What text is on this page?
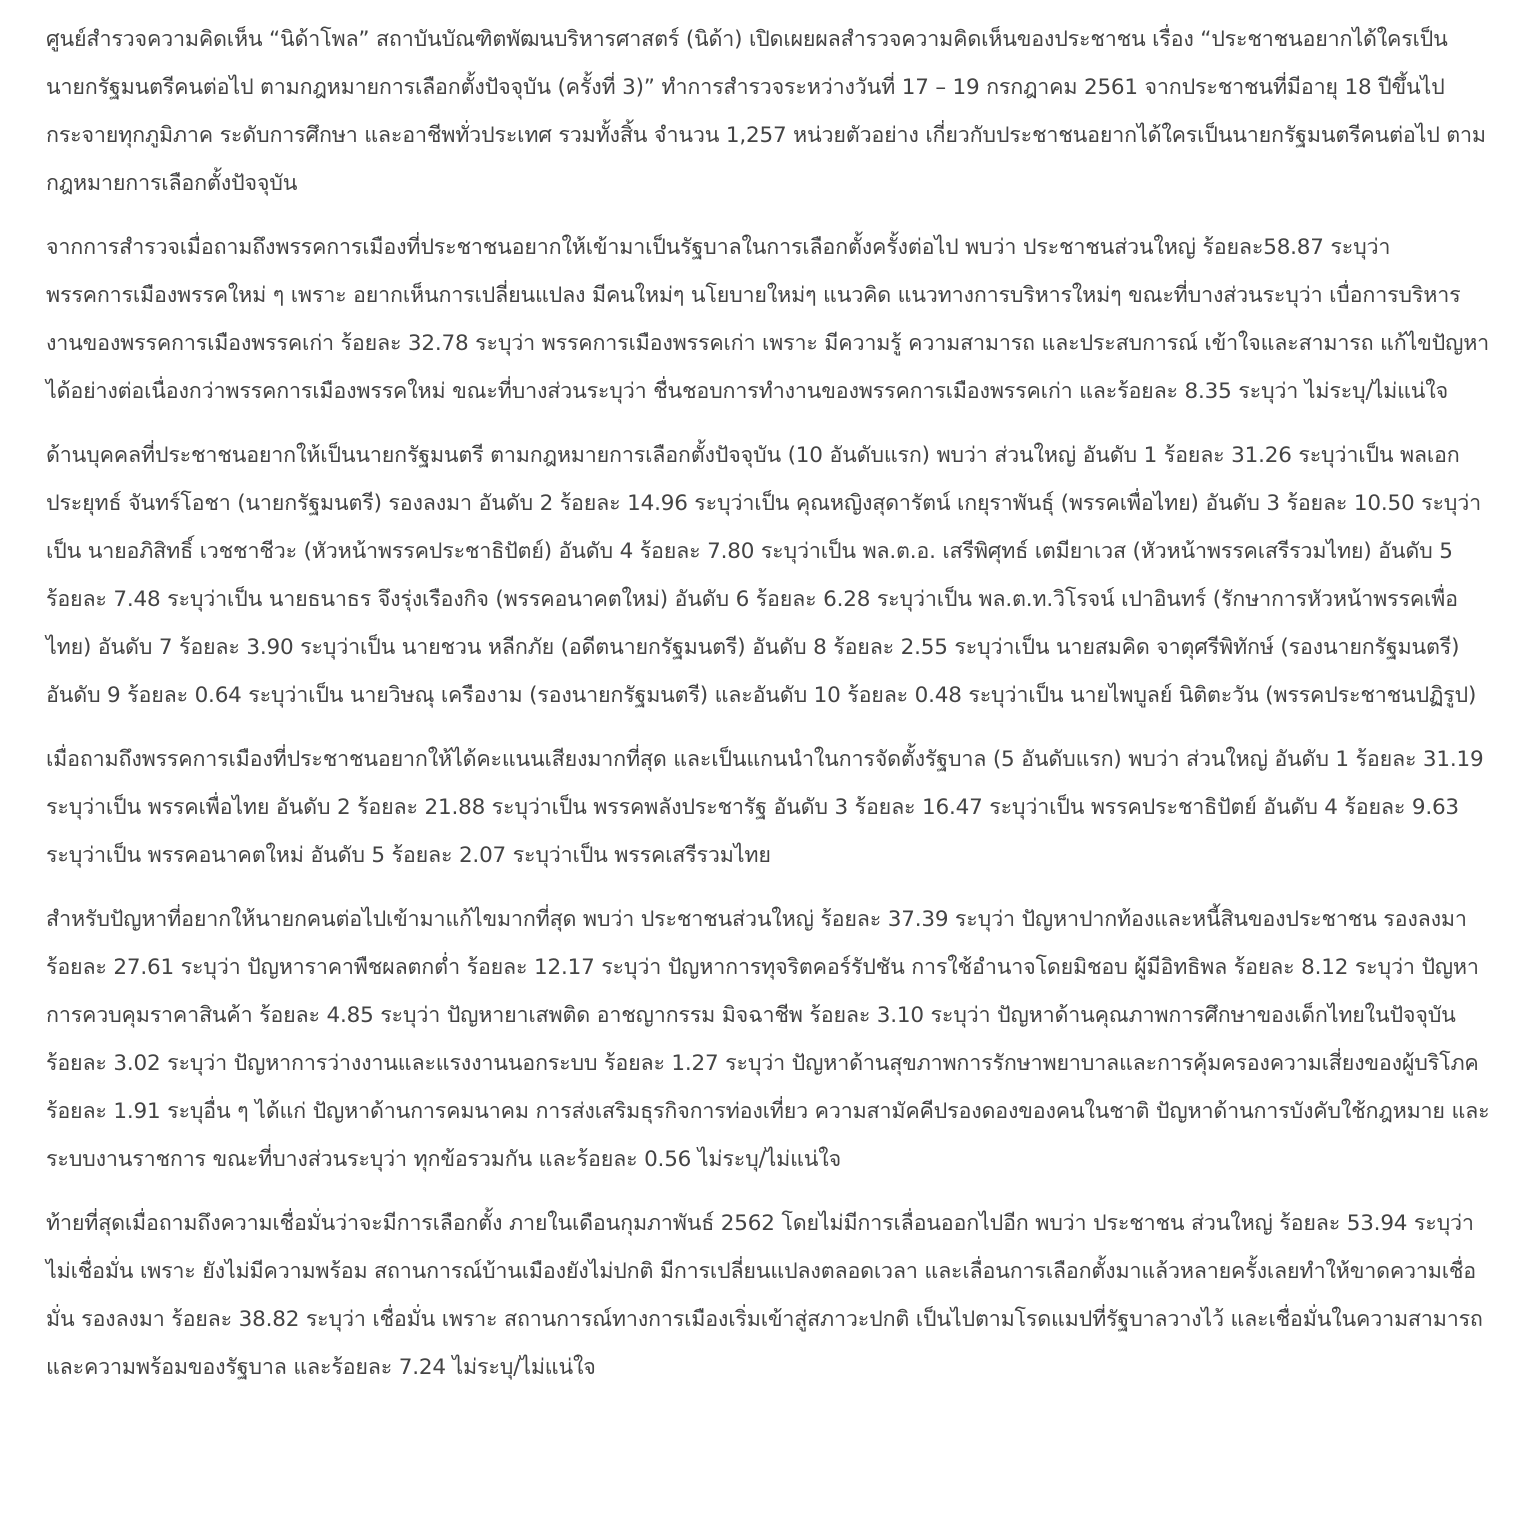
ศูนย์สำรวจความคิดเห็น “นิด้าโพล” สถาบันบัณฑิตพัฒนบริหารศาสตร์ (นิด้า) เปิดเผยผลสำรวจความคิดเห็นของประชาชน เรื่อง “ประชาชนอยากได้ใครเป็นนายกรัฐมนตรีคนต่อไป ตามกฎหมายการเลือกตั้งปัจจุบัน (ครั้งที่ 3)” ทำการสำรวจระหว่างวันที่ 17 – 19 กรกฎาคม 2561 จากประชาชนที่มีอายุ 18 ปีขึ้นไป กระจายทุกภูมิภาค ระดับการศึกษา และอาชีพทั่วประเทศ รวมทั้งสิ้น จำนวน 1,257 หน่วยตัวอย่าง เกี่ยวกับประชาชนอยากได้ใครเป็นนายกรัฐมนตรีคนต่อไป ตามกฎหมายการเลือกตั้งปัจจุบัน

จากการสำรวจเมื่อถามถึงพรรคการเมืองที่ประชาชนอยากให้เข้ามาเป็นรัฐบาลในการเลือกตั้งครั้งต่อไป พบว่า ประชาชนส่วนใหญ่ ร้อยละ58.87 ระบุว่า พรรคการเมืองพรรคใหม่ ๆ เพราะ อยากเห็นการเปลี่ยนแปลง มีคนใหม่ๆ นโยบายใหม่ๆ แนวคิด แนวทางการบริหารใหม่ๆ ขณะที่บางส่วนระบุว่า เบื่อการบริหารงานของพรรคการเมืองพรรคเก่า ร้อยละ 32.78 ระบุว่า พรรคการเมืองพรรคเก่า เพราะ มีความรู้ ความสามารถ และประสบการณ์ เข้าใจและสามารถ แก้ไขปัญหาได้อย่างต่อเนื่องกว่าพรรคการเมืองพรรคใหม่ ขณะที่บางส่วนระบุว่า ชื่นชอบการทำงานของพรรคการเมืองพรรคเก่า และร้อยละ 8.35 ระบุว่า ไม่ระบุ/ไม่แน่ใจ

ด้านบุคคลที่ประชาชนอยากให้เป็นนายกรัฐมนตรี ตามกฎหมายการเลือกตั้งปัจจุบัน (10 อันดับแรก) พบว่า ส่วนใหญ่ อันดับ 1 ร้อยละ 31.26 ระบุว่าเป็น พลเอกประยุทธ์ จันทร์โอชา (นายกรัฐมนตรี) รองลงมา อันดับ 2 ร้อยละ 14.96 ระบุว่าเป็น คุณหญิงสุดารัตน์ เกยุราพันธุ์ (พรรคเพื่อไทย) อันดับ 3 ร้อยละ 10.50 ระบุว่าเป็น นายอภิสิทธิ์ เวชชาชีวะ (หัวหน้าพรรคประชาธิปัตย์) อันดับ 4 ร้อยละ 7.80 ระบุว่าเป็น พล.ต.อ. เสรีพิศุทธ์ เตมียาเวส (หัวหน้าพรรคเสรีรวมไทย) อันดับ 5 ร้อยละ 7.48 ระบุว่าเป็น นายธนาธร จึงรุ่งเรืองกิจ (พรรคอนาคตใหม่) อันดับ 6 ร้อยละ 6.28 ระบุว่าเป็น พล.ต.ท.วิโรจน์ เปาอินทร์ (รักษาการหัวหน้าพรรคเพื่อไทย) อันดับ 7 ร้อยละ 3.90 ระบุว่าเป็น นายชวน หลีกภัย (อดีตนายกรัฐมนตรี) อันดับ 8 ร้อยละ 2.55 ระบุว่าเป็น นายสมคิด จาตุศรีพิทักษ์ (รองนายกรัฐมนตรี) อันดับ 9 ร้อยละ 0.64 ระบุว่าเป็น นายวิษณุ เครืองาม (รองนายกรัฐมนตรี) และอันดับ 10 ร้อยละ 0.48 ระบุว่าเป็น นายไพบูลย์ นิติตะวัน (พรรคประชาชนปฏิรูป)

เมื่อถามถึงพรรคการเมืองที่ประชาชนอยากให้ได้คะแนนเสียงมากที่สุด และเป็นแกนนำในการจัดตั้งรัฐบาล (5 อันดับแรก) พบว่า ส่วนใหญ่ อันดับ 1 ร้อยละ 31.19 ระบุว่าเป็น พรรคเพื่อไทย อันดับ 2 ร้อยละ 21.88 ระบุว่าเป็น พรรคพลังประชารัฐ อันดับ 3 ร้อยละ 16.47 ระบุว่าเป็น พรรคประชาธิปัตย์ อันดับ 4 ร้อยละ 9.63 ระบุว่าเป็น พรรคอนาคตใหม่ อันดับ 5 ร้อยละ 2.07 ระบุว่าเป็น พรรคเสรีรวมไทย

สำหรับปัญหาที่อยากให้นายกคนต่อไปเข้ามาแก้ไขมากที่สุด พบว่า ประชาชนส่วนใหญ่ ร้อยละ 37.39 ระบุว่า ปัญหาปากท้องและหนี้สินของประชาชน รองลงมา ร้อยละ 27.61 ระบุว่า ปัญหาราคาพืชผลตกต่ำ ร้อยละ 12.17 ระบุว่า ปัญหาการทุจริตคอร์รัปชัน การใช้อำนาจโดยมิชอบ ผู้มีอิทธิพล ร้อยละ 8.12 ระบุว่า ปัญหาการควบคุมราคาสินค้า ร้อยละ 4.85 ระบุว่า ปัญหายาเสพติด อาชญากรรม มิจฉาชีพ ร้อยละ 3.10 ระบุว่า ปัญหาด้านคุณภาพการศึกษาของเด็กไทยในปัจจุบัน ร้อยละ 3.02 ระบุว่า ปัญหาการว่างงานและแรงงานนอกระบบ ร้อยละ 1.27 ระบุว่า ปัญหาด้านสุขภาพการรักษาพยาบาลและการคุ้มครองความเสี่ยงของผู้บริโภค ร้อยละ 1.91 ระบุอื่น ๆ ได้แก่ ปัญหาด้านการคมนาคม การส่งเสริมธุรกิจการท่องเที่ยว ความสามัคคีปรองดองของคนในชาติ ปัญหาด้านการบังคับใช้กฎหมาย และระบบงานราชการ ขณะที่บางส่วนระบุว่า ทุกข้อรวมกัน และร้อยละ 0.56 ไม่ระบุ/ไม่แน่ใจ

ท้ายที่สุดเมื่อถามถึงความเชื่อมั่นว่าจะมีการเลือกตั้ง ภายในเดือนกุมภาพันธ์ 2562 โดยไม่มีการเลื่อนออกไปอีก พบว่า ประชาชน ส่วนใหญ่ ร้อยละ 53.94 ระบุว่า ไม่เชื่อมั่น เพราะ ยังไม่มีความพร้อม สถานการณ์บ้านเมืองยังไม่ปกติ มีการเปลี่ยนแปลงตลอดเวลา และเลื่อนการเลือกตั้งมาแล้วหลายครั้งเลยทำให้ขาดความเชื่อมั่น รองลงมา ร้อยละ 38.82 ระบุว่า เชื่อมั่น เพราะ สถานการณ์ทางการเมืองเริ่มเข้าสู่สภาวะปกติ เป็นไปตามโรดแมปที่รัฐบาลวางไว้ และเชื่อมั่นในความสามารถและความพร้อมของรัฐบาล และร้อยละ 7.24 ไม่ระบุ/ไม่แน่ใจ
